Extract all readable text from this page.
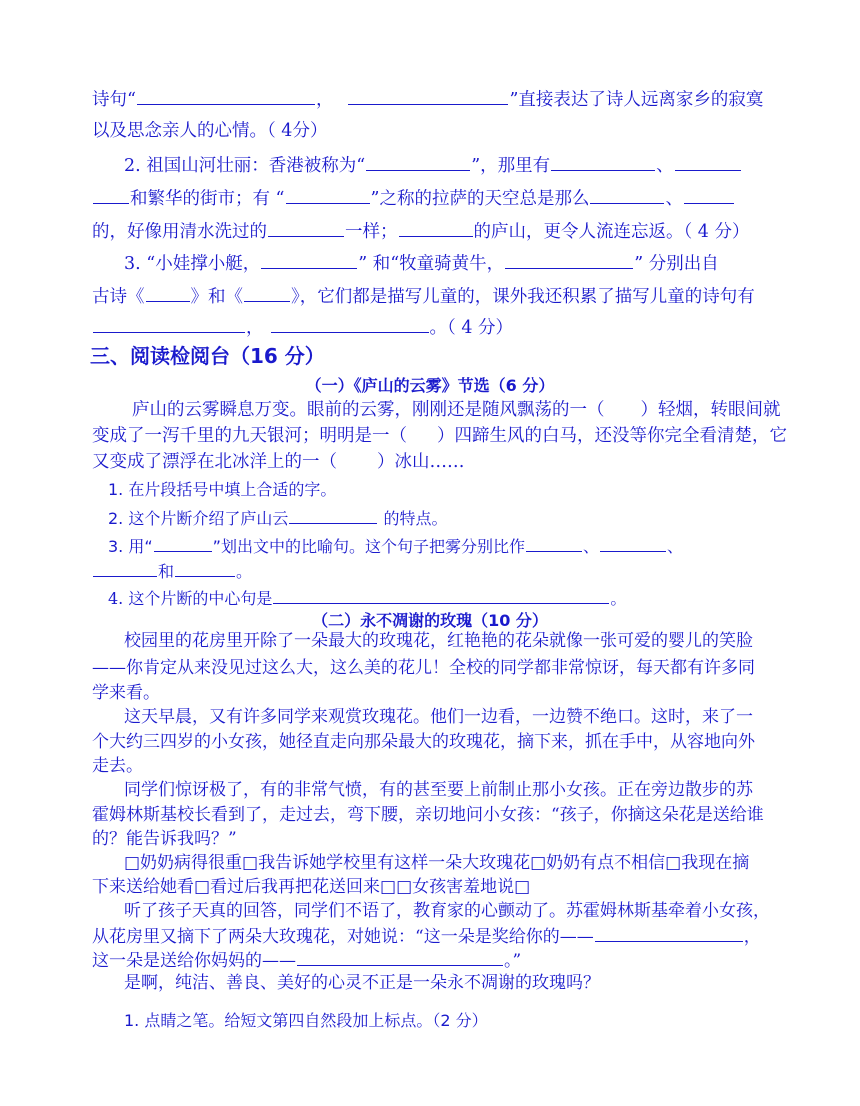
诗句“	，	”直接表达了诗人远离家乡的寂寞
以及思念亲人的心情。（ 4分）
2. 祖国山河壮丽：香港被称为“	”，那里有	、
和繁华的街市；有 “	”之称的拉萨的天空总是那么	、
的，好像用清水洗过的	一样；	的庐山，更令人流连忘返。（ 4 分）
3. “小娃撑小艇，	” 和“牧童骑黄牛，	” 分别出自
古诗《	》和《	》，它们都是描写儿童的，课外我还积累了描写儿童的诗句有
，	。（ 4 分）
三、阅读检阅台（16 分）
（一）《庐山的云雾》节选（6 分）
庐山的云雾瞬息万变。眼前的云雾，刚刚还是随风飘荡的一（ ）轻烟，转眼间就
变成了一泻千里的九天银河；明明是一（ ）四蹄生风的白马，还没等你完全看清楚，它
又变成了漂浮在北冰洋上的一（ ）冰山……
1. 在片段括号中填上合适的字。
2. 这个片断介绍了庐山云	的特点。
3. 用“	”划出文中的比喻句。这个句子把雾分别比作	、	、
和	。
4. 这个片断的中心句是	。
（二）永不凋谢的玫瑰（10 分）
校园里的花房里开除了一朵最大的玫瑰花，红艳艳的花朵就像一张可爱的婴儿的笑脸
——你肯定从来没见过这么大，这么美的花儿！全校的同学都非常惊讶，每天都有许多同
学来看。
这天早晨，又有许多同学来观赏玫瑰花。他们一边看，一边赞不绝口。这时，来了一
个大约三四岁的小女孩，她径直走向那朵最大的玫瑰花，摘下来，抓在手中，从容地向外
走去。
同学们惊讶极了，有的非常气愤，有的甚至要上前制止那小女孩。正在旁边散步的苏
霍姆林斯基校长看到了，走过去，弯下腰，亲切地问小女孩：“孩子，你摘这朵花是送给谁
的？能告诉我吗？”
□奶奶病得很重□我告诉她学校里有这样一朵大玫瑰花□奶奶有点不相信□我现在摘
下来送给她看□看过后我再把花送回来□□女孩害羞地说□
听了孩子天真的回答，同学们不语了，教育家的心颤动了。苏霍姆林斯基牵着小女孩，
从花房里又摘下了两朵大玫瑰花，对她说：“这一朵是奖给你的——	，
这一朵是送给你妈妈的——	。”
是啊，纯洁、善良、美好的心灵不正是一朵永不凋谢的玫瑰吗？
1. 点睛之笔。给短文第四自然段加上标点。（2 分）
